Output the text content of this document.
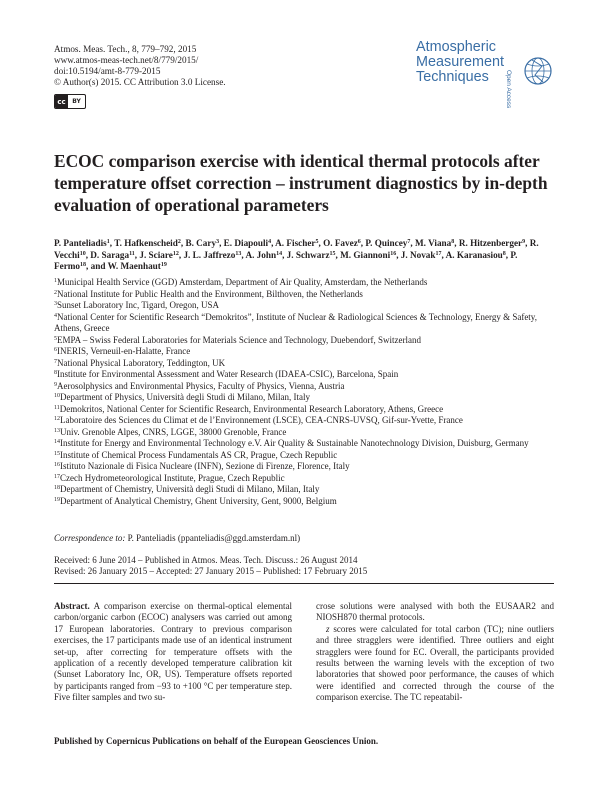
Atmos. Meas. Tech., 8, 779–792, 2015
www.atmos-meas-tech.net/8/779/2015/
doi:10.5194/amt-8-779-2015
© Author(s) 2015. CC Attribution 3.0 License.
cc	BY
Atmospheric
Measurement
Techniques	Open Access
ECOC comparison exercise with identical thermal protocols after temperature offset correction – instrument diagnostics by in-depth evaluation of operational parameters
P. Panteliadis$^1$, T. Hafkenscheid$^2$, B. Cary$^3$, E. Diapouli$^4$, A. Fischer$^5$, O. Favez$^6$, P. Quincey$^7$, M. Viana$^8$, R. Hitzenberger$^9$, R. Vecchi$^{10}$, D. Saraga$^{11}$, J. Sciare$^{12}$, J. L. Jaffrezo$^{13}$, A. John$^{14}$, J. Schwarz$^{15}$, M. Giannoni$^{16}$, J. Novak$^{17}$, A. Karanasiou$^8$, P. Fermo$^{18}$, and W. Maenhaut$^{19}$
$^1$Municipal Health Service (GGD) Amsterdam, Department of Air Quality, Amsterdam, the Netherlands
$^2$National Institute for Public Health and the Environment, Bilthoven, the Netherlands
$^3$Sunset Laboratory Inc, Tigard, Oregon, USA
$^4$National Center for Scientific Research “Demokritos”, Institute of Nuclear & Radiological Sciences & Technology, Energy & Safety, Athens, Greece
$^5$EMPA – Swiss Federal Laboratories for Materials Science and Technology, Duebendorf, Switzerland
$^6$INERIS, Verneuil-en-Halatte, France
$^7$National Physical Laboratory, Teddington, UK
$^8$Institute for Environmental Assessment and Water Research (IDAEA-CSIC), Barcelona, Spain
$^9$Aerosolphysics and Environmental Physics, Faculty of Physics, Vienna, Austria
$^{10}$Department of Physics, Università degli Studi di Milano, Milan, Italy
$^{11}$Demokritos, National Center for Scientific Research, Environmental Research Laboratory, Athens, Greece
$^{12}$Laboratoire des Sciences du Climat et de l’Environnement (LSCE), CEA-CNRS-UVSQ, Gif-sur-Yvette, France
$^{13}$Univ. Grenoble Alpes, CNRS, LGGE, 38000 Grenoble, France
$^{14}$Institute for Energy and Environmental Technology e.V. Air Quality & Sustainable Nanotechnology Division, Duisburg, Germany
$^{15}$Institute of Chemical Process Fundamentals AS CR, Prague, Czech Republic
$^{16}$Istituto Nazionale di Fisica Nucleare (INFN), Sezione di Firenze, Florence, Italy
$^{17}$Czech Hydrometeorological Institute, Prague, Czech Republic
$^{18}$Department of Chemistry, Università degli Studi di Milano, Milan, Italy
$^{19}$Department of Analytical Chemistry, Ghent University, Gent, 9000, Belgium
Correspondence to: P. Panteliadis (ppanteliadis@ggd.amsterdam.nl)
Received: 6 June 2014 – Published in Atmos. Meas. Tech. Discuss.: 26 August 2014
Revised: 26 January 2015 – Accepted: 27 January 2015 – Published: 17 February 2015
Abstract. A comparison exercise on thermal-optical elemental carbon/organic carbon (ECOC) analysers was carried out among 17 European laboratories. Contrary to previous comparison exercises, the 17 participants made use of an identical instrument set-up, after correcting for temperature offsets with the application of a recently developed temperature calibration kit (Sunset Laboratory Inc, OR, US). Temperature offsets reported by participants ranged from −93 to +100 °C per temperature step. Five filter samples and two su-
crose solutions were analysed with both the EUSAAR2 and NIOSH870 thermal protocols.
z scores were calculated for total carbon (TC); nine outliers and three stragglers were identified. Three outliers and eight stragglers were found for EC. Overall, the participants provided results between the warning levels with the exception of two laboratories that showed poor performance, the causes of which were identified and corrected through the course of the comparison exercise. The TC repeatabil-
Published by Copernicus Publications on behalf of the European Geosciences Union.
